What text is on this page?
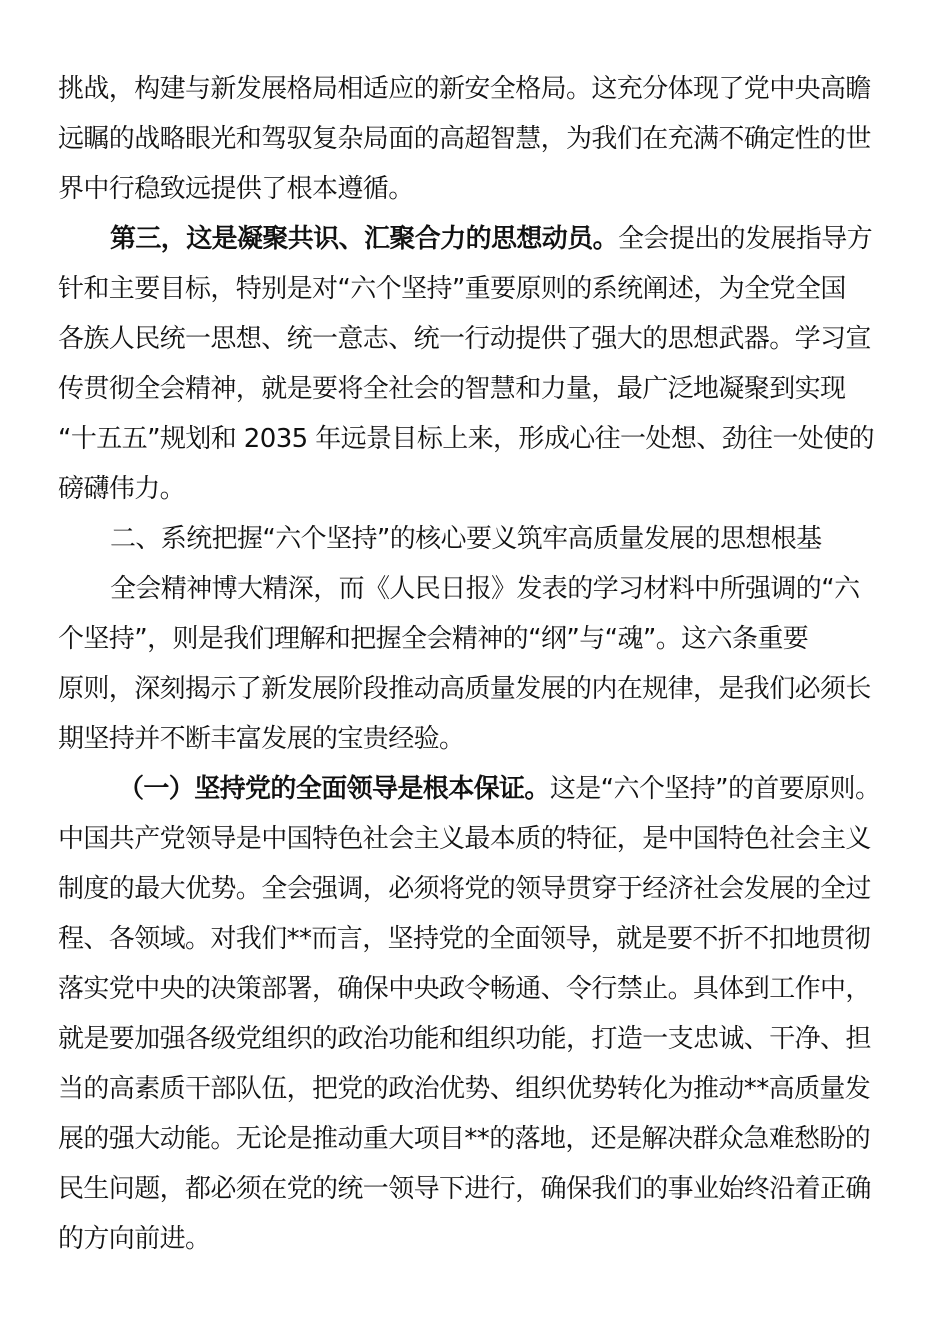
挑战，构建与新发展格局相适应的新安全格局。这充分体现了党中央高瞻
远瞩的战略眼光和驾驭复杂局面的高超智慧，为我们在充满不确定性的世
界中行稳致远提供了根本遵循。
第三，这是凝聚共识、汇聚合力的思想动员。全会提出的发展指导方
针和主要目标，特别是对“六个坚持”重要原则的系统阐述，为全党全国
各族人民统一思想、统一意志、统一行动提供了强大的思想武器。学习宣
传贯彻全会精神，就是要将全社会的智慧和力量，最广泛地凝聚到实现
“十五五”规划和 2035 年远景目标上来，形成心往一处想、劲往一处使的
磅礴伟力。
二、系统把握“六个坚持”的核心要义筑牢高质量发展的思想根基
全会精神博大精深，而《人民日报》发表的学习材料中所强调的“六
个坚持”，则是我们理解和把握全会精神的“纲”与“魂”。这六条重要
原则，深刻揭示了新发展阶段推动高质量发展的内在规律，是我们必须长
期坚持并不断丰富发展的宝贵经验。
（一）坚持党的全面领导是根本保证。这是“六个坚持”的首要原则。
中国共产党领导是中国特色社会主义最本质的特征，是中国特色社会主义
制度的最大优势。全会强调，必须将党的领导贯穿于经济社会发展的全过
程、各领域。对我们**而言，坚持党的全面领导，就是要不折不扣地贯彻
落实党中央的决策部署，确保中央政令畅通、令行禁止。具体到工作中，
就是要加强各级党组织的政治功能和组织功能，打造一支忠诚、干净、担
当的高素质干部队伍，把党的政治优势、组织优势转化为推动**高质量发
展的强大动能。无论是推动重大项目**的落地，还是解决群众急难愁盼的
民生问题，都必须在党的统一领导下进行，确保我们的事业始终沿着正确
的方向前进。
